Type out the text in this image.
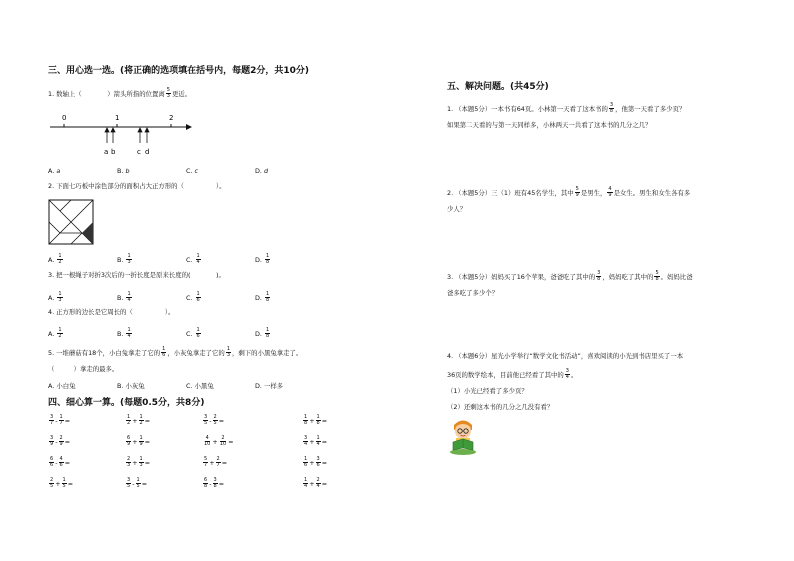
三、用心选一选。(将正确的选项填在括号内，每题2分，共10分)
1. 数轴上（　　　　）箭头所指的位置离 $\frac{5}{3}$ 更近。
0	1	2
a b	c d
A.
a	B.
b	C.
c	D.
d
2. 下面七巧板中涂色部分的面积占大正方形的（　　　　　）。
A.
$\frac{1}{2}$	B.
$\frac{1}{3}$	C.
$\frac{1}{4}$	D.
$\frac{1}{8}$
3. 把一根绳子对折3次后的一折长度是原来长度的(　　　　)。
A.
$\frac{1}{3}$	B.
$\frac{1}{4}$	C.
$\frac{1}{6}$	D.
$\frac{1}{8}$
4. 正方形的边长是它周长的（　　　　　）。
A.
$\frac{1}{2}$	B.
$\frac{1}{4}$	C.
$\frac{1}{6}$	D.
$\frac{1}{8}$
5. 一堆蘑菇有18个，小白兔拿走了它的 $\frac{1}{6}$ ，小灰兔拿走了它的 $\frac{1}{3}$ ，剩下的小黑兔拿走了。
（　　　）拿走的最多。
A.
小白兔	B.
小灰兔	C.
小黑兔	D.
一样多
四、细心算一算。(每题0.5分，共8分)
$\frac{3}{7} - \frac{1}{7}$ =	$\frac{1}{2} + \frac{1}{2}$ =	$\frac{3}{5} - \frac{2}{5}$ =	$\frac{1}{8} + \frac{1}{8}$ =
$\frac{3}{9} - \frac{2}{9}$ =	$\frac{6}{9} + \frac{1}{9}$ =	$\frac{4}{10} + \frac{2}{10}$ =	$\frac{3}{4} + \frac{1}{4}$ =
$\frac{6}{6} - \frac{4}{6}$ =	$\frac{2}{3} + \frac{1}{3}$ =	$\frac{5}{7} + \frac{2}{7}$ =	$\frac{1}{6} + \frac{3}{6}$ =
$\frac{2}{5} + \frac{1}{5}$ =	$\frac{3}{5} - \frac{1}{5}$ =	$\frac{6}{8} - \frac{3}{8}$ =	$\frac{1}{4} + \frac{2}{4}$ =
五、解决问题。(共45分)
1. （本题5分）一本书有64页。小林第一天看了这本书的 $\frac{3}{8}$ ，他第一天看了多少页？
如果第二天看的与第一天同样多，小林两天一共看了这本书的几分之几？
2. （本题5分）三（1）班有45名学生，其中 $\frac{5}{9}$ 是男生， $\frac{4}{9}$ 是女生。男生和女生各有多
少人？
3. （本题5分）妈妈买了16个苹果，爸爸吃了其中的 $\frac{3}{8}$ ，妈妈吃了其中的 $\frac{5}{8}$ 。妈妈比爸
爸多吃了多少个？
4. （本题6分）星光小学举行“数学文化书活动”，喜欢阅读的小光到书店里买了一本
36页的数学绘本，目前他已经看了其中的 $\frac{3}{4}$ 。
（1）小光已经看了多少页？
（2）还剩这本书的几分之几没有看？
